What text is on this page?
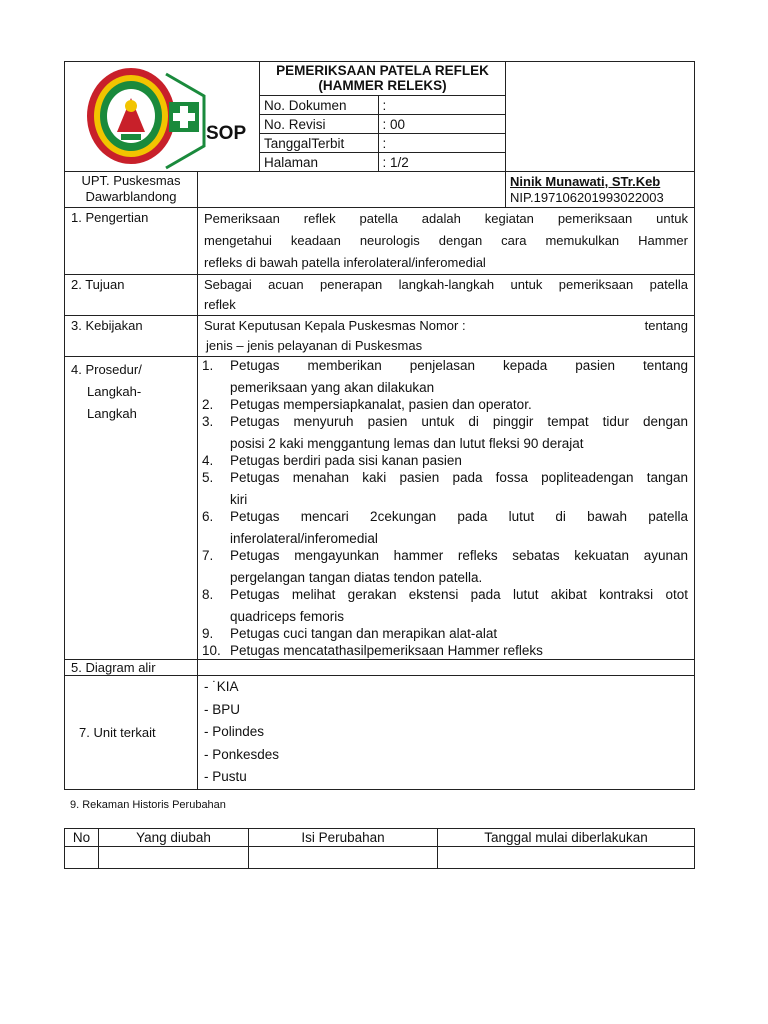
SOP

PEMERIKSAAN PATELA REFLEK
(HAMMER RELEKS)
No. Dokumen	:
No. Revisi	: 00
TanggalTerbit	:
Halaman	: 1/2

UPT. Puskesmas
Dawarblandong

Ninik Munawati, STr.Keb
NIP.197106201993022003

1. Pengertian	Pemeriksaan reflek patella adalah kegiatan pemeriksaan untuk
mengetahui keadaan neurologis dengan cara memukulkan Hammer
refleks di bawah patella inferolateral/inferomedial

2. Tujuan	Sebagai acuan penerapan langkah-langkah untuk pemeriksaan patella
reflek

3. Kebijakan	Surat Keputusan Kepala Puskesmas Nomor :	tentang
jenis – jenis pelayanan di Puskesmas

4. Prosedur/
Langkah-
Langkah

1.	Petugas memberikan penjelasan kepada pasien tentang
pemeriksaan yang akan dilakukan
2.	Petugas mempersiapkanalat, pasien dan operator.
3.	Petugas menyuruh pasien untuk di pinggir tempat tidur dengan
posisi 2 kaki menggantung lemas dan lutut fleksi 90 derajat
4.	Petugas berdiri pada sisi kanan pasien
5.	Petugas menahan kaki pasien pada fossa popliteadengan tangan
kiri
6.	Petugas mencari 2cekungan pada lutut di bawah patella
inferolateral/inferomedial
7.	Petugas mengayunkan hammer refleks sebatas kekuatan ayunan
pergelangan tangan diatas tendon patella.
8.	Petugas melihat gerakan ekstensi pada lutut akibat kontraksi otot
quadriceps femoris
9.	Petugas cuci tangan dan merapikan alat-alat
10. Petugas mencatathasilpemeriksaan Hammer refleks

5. Diagram alir	
7. Unit terkait	
- ˙KIA
- BPU
- Polindes
- Ponkesdes
- Pustu
9. Rekaman Historis Perubahan
No	Yang diubah	Isi Perubahan	Tanggal mulai diberlakukan
